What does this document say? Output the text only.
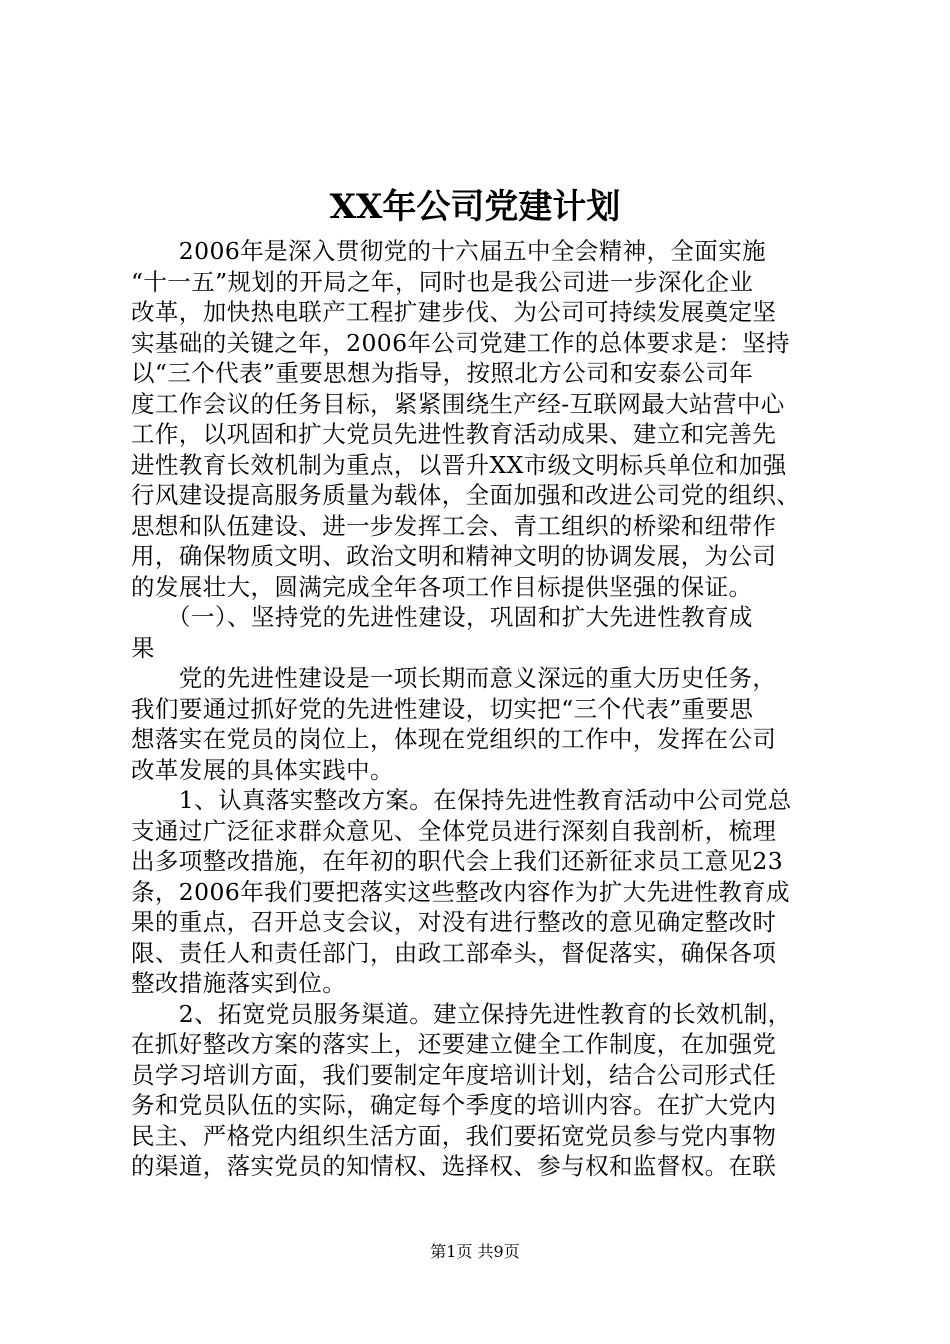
XX年公司党建计划
　　2006年是深入贯彻党的十六届五中全会精神，全面实施
“十一五”规划的开局之年，同时也是我公司进一步深化企业
改革，加快热电联产工程扩建步伐、为公司可持续发展奠定坚
实基础的关键之年，2006年公司党建工作的总体要求是：坚持
以“三个代表”重要思想为指导，按照北方公司和安泰公司年
度工作会议的任务目标，紧紧围绕生产经-互联网最大站营中心
工作，以巩固和扩大党员先进性教育活动成果、建立和完善先
进性教育长效机制为重点，以晋升XX市级文明标兵单位和加强
行风建设提高服务质量为载体，全面加强和改进公司党的组织、
思想和队伍建设、进一步发挥工会、青工组织的桥梁和纽带作
用，确保物质文明、政治文明和精神文明的协调发展，为公司
的发展壮大，圆满完成全年各项工作目标提供坚强的保证。
　　（一）、坚持党的先进性建设，巩固和扩大先进性教育成
果
　　党的先进性建设是一项长期而意义深远的重大历史任务，
我们要通过抓好党的先进性建设，切实把“三个代表”重要思
想落实在党员的岗位上，体现在党组织的工作中，发挥在公司
改革发展的具体实践中。
　　1、认真落实整改方案。在保持先进性教育活动中公司党总
支通过广泛征求群众意见、全体党员进行深刻自我剖析，梳理
出多项整改措施，在年初的职代会上我们还新征求员工意见23
条，2006年我们要把落实这些整改内容作为扩大先进性教育成
果的重点，召开总支会议，对没有进行整改的意见确定整改时
限、责任人和责任部门，由政工部牵头，督促落实，确保各项
整改措施落实到位。
　　2、拓宽党员服务渠道。建立保持先进性教育的长效机制，
在抓好整改方案的落实上，还要建立健全工作制度，在加强党
员学习培训方面，我们要制定年度培训计划，结合公司形式任
务和党员队伍的实际，确定每个季度的培训内容。在扩大党内
民主、严格党内组织生活方面，我们要拓宽党员参与党内事物
的渠道，落实党员的知情权、选择权、参与权和监督权。在联
第1页 共9页
